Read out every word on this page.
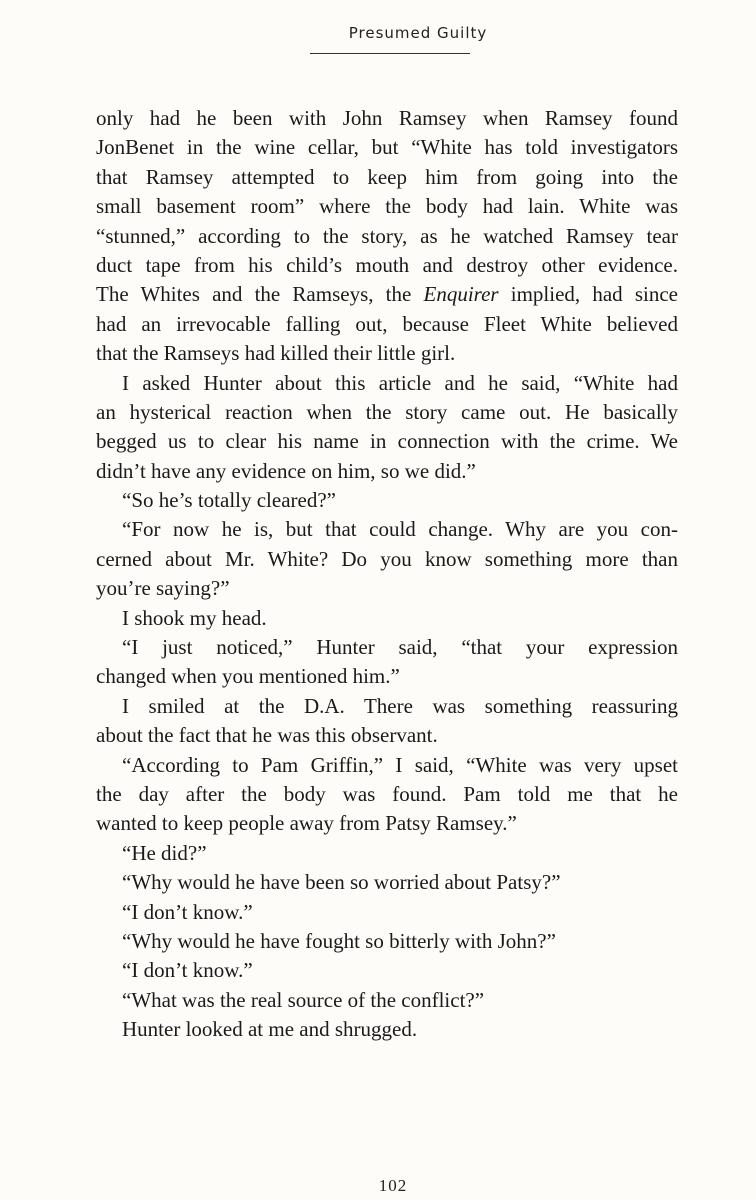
Presumed Guilty
only had he been with John Ramsey when Ramsey found
JonBenet in the wine cellar, but “White has told investigators
that Ramsey attempted to keep him from going into the
small basement room” where the body had lain. White was
“stunned,” according to the story, as he watched Ramsey tear
duct tape from his child’s mouth and destroy other evidence.
The Whites and the Ramseys, the Enquirer implied, had since
had an irrevocable falling out, because Fleet White believed
that the Ramseys had killed their little girl.
I asked Hunter about this article and he said, “White had
an hysterical reaction when the story came out. He basically
begged us to clear his name in connection with the crime. We
didn’t have any evidence on him, so we did.”
“So he’s totally cleared?”
“For now he is, but that could change. Why are you con-
cerned about Mr. White? Do you know something more than
you’re saying?”
I shook my head.
“I just noticed,” Hunter said, “that your expression
changed when you mentioned him.”
I smiled at the D.A. There was something reassuring
about the fact that he was this observant.
“According to Pam Griffin,” I said, “White was very upset
the day after the body was found. Pam told me that he
wanted to keep people away from Patsy Ramsey.”
“He did?”
“Why would he have been so worried about Patsy?”
“I don’t know.”
“Why would he have fought so bitterly with John?”
“I don’t know.”
“What was the real source of the conflict?”
Hunter looked at me and shrugged.
102
